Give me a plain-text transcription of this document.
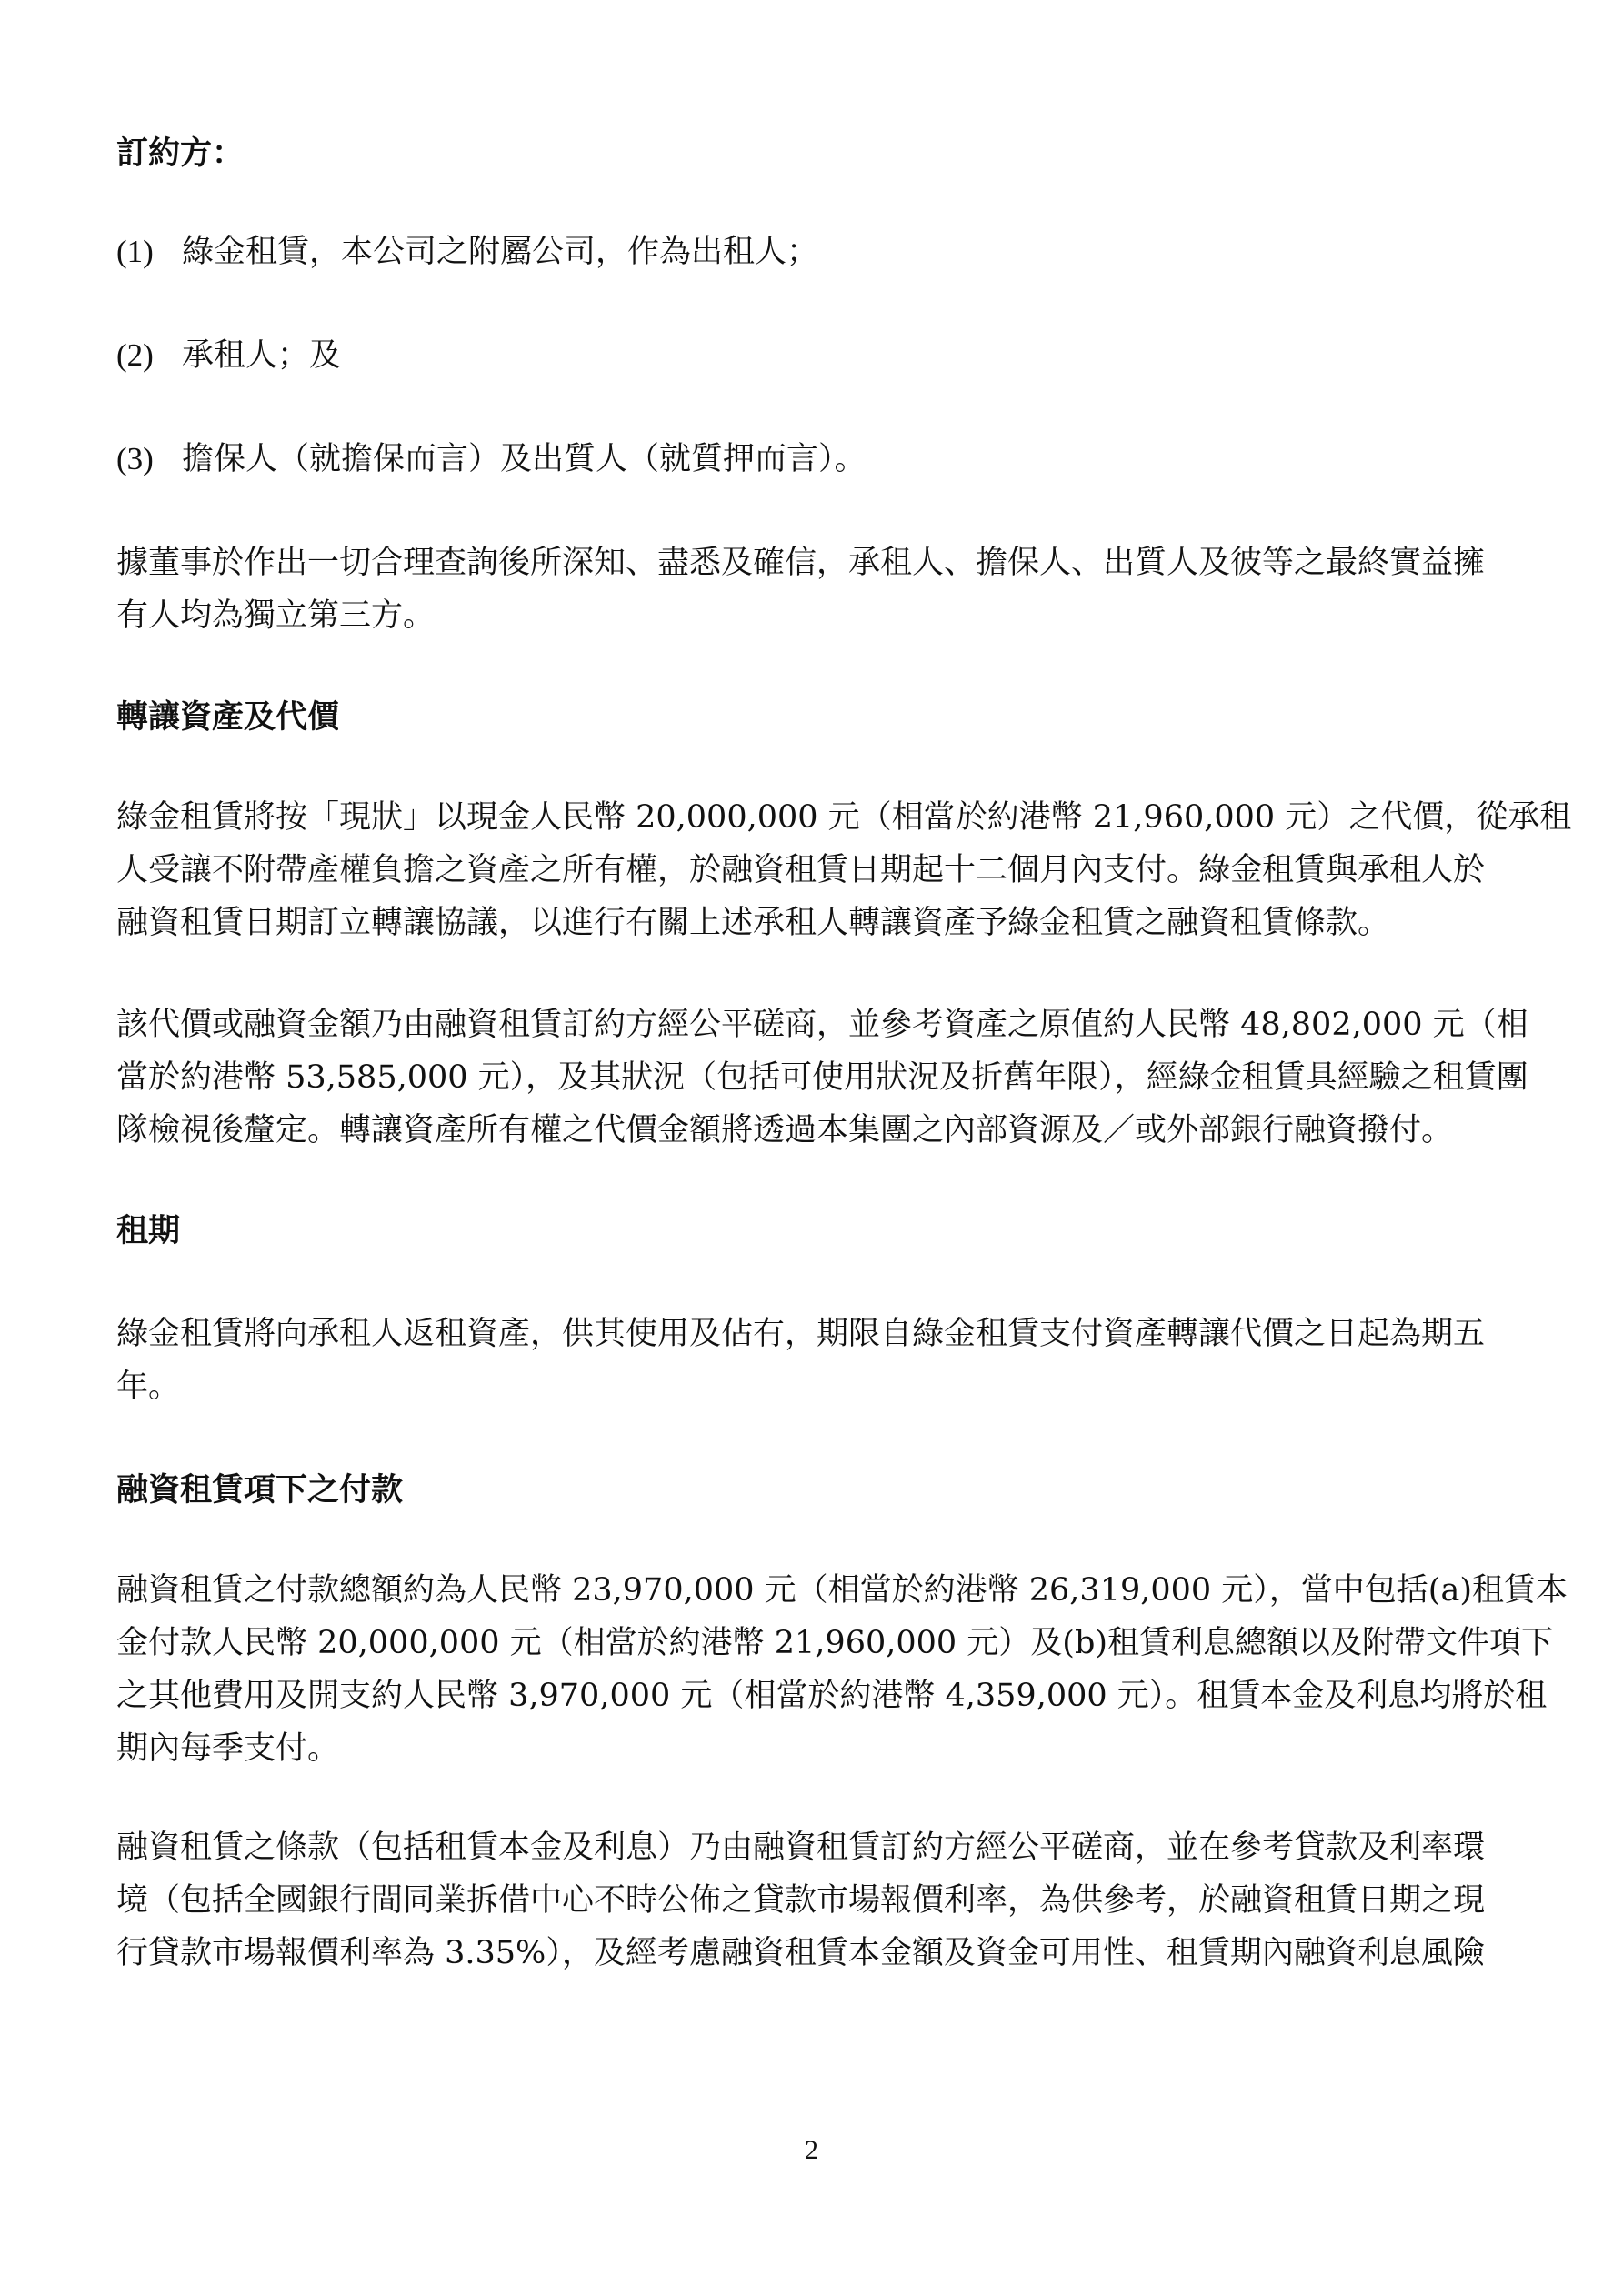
訂約方：
(1) 綠金租賃，本公司之附屬公司，作為出租人；
(2) 承租人；及
(3) 擔保人（就擔保而言）及出質人（就質押而言）。
據董事於作出一切合理查詢後所深知、盡悉及確信，承租人、擔保人、出質人及彼等之最終實益擁
有人均為獨立第三方。
轉讓資產及代價
綠金租賃將按「現狀」以現金人民幣 20,000,000 元（相當於約港幣 21,960,000 元）之代價，從承租
人受讓不附帶產權負擔之資產之所有權，於融資租賃日期起十二個月內支付。綠金租賃與承租人於
融資租賃日期訂立轉讓協議，以進行有關上述承租人轉讓資產予綠金租賃之融資租賃條款。
該代價或融資金額乃由融資租賃訂約方經公平磋商，並參考資產之原值約人民幣 48,802,000 元（相
當於約港幣 53,585,000 元），及其狀況（包括可使用狀況及折舊年限），經綠金租賃具經驗之租賃團
隊檢視後釐定。轉讓資產所有權之代價金額將透過本集團之內部資源及／或外部銀行融資撥付。
租期
綠金租賃將向承租人返租資產，供其使用及佔有，期限自綠金租賃支付資產轉讓代價之日起為期五
年。
融資租賃項下之付款
融資租賃之付款總額約為人民幣 23,970,000 元（相當於約港幣 26,319,000 元），當中包括(a)租賃本
金付款人民幣 20,000,000 元（相當於約港幣 21,960,000 元）及(b)租賃利息總額以及附帶文件項下
之其他費用及開支約人民幣 3,970,000 元（相當於約港幣 4,359,000 元）。租賃本金及利息均將於租
期內每季支付。
融資租賃之條款（包括租賃本金及利息）乃由融資租賃訂約方經公平磋商，並在參考貸款及利率環
境（包括全國銀行間同業拆借中心不時公佈之貸款市場報價利率，為供參考，於融資租賃日期之現
行貸款市場報價利率為 3.35%），及經考慮融資租賃本金額及資金可用性、租賃期內融資利息風險
2
